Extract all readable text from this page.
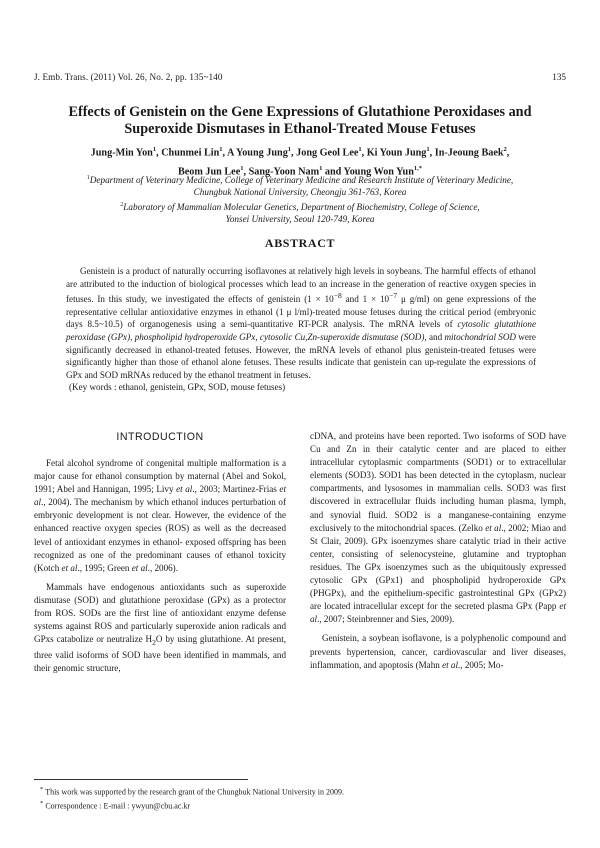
J. Emb. Trans. (2011) Vol. 26, No. 2, pp. 135~140	135
Effects of Genistein on the Gene Expressions of Glutathione Peroxidases and
Superoxide Dismutases in Ethanol-Treated Mouse Fetuses
Jung-Min Yon$^1$, Chunmei Lin$^1$, A Young Jung$^1$, Jong Geol Lee$^1$, Ki Youn Jung$^1$, In-Jeoung Baek$^2$,
Beom Jun Lee$^1$, Sang-Yoon Nam$^1$ and Young Won Yun$^{1,*}$
$^1$Department of Veterinary Medicine, College of Veterinary Medicine and Research Institute of Veterinary Medicine,
Chungbuk National University, Cheongju 361-763, Korea
$^2$Laboratory of Mammalian Molecular Genetics, Department of Biochemistry, College of Science,
Yonsei University, Seoul 120-749, Korea
ABSTRACT

Genistein is a product of naturally occurring isoflavones at relatively high levels in soybeans. The harmful effects of ethanol are attributed to the induction of biological processes which lead to an increase in the generation of reactive oxygen species in fetuses. In this study, we investigated the effects of genistein ($1 \times 10^{-8}$ and $1 \times 10^{-7}$ μ g/ml) on gene expressions of the representative cellular antioxidative enzymes in ethanol (1 μ l/ml)-treated mouse fetuses during the critical period (embryonic days 8.5~10.5) of organogenesis using a semi-quantitative RT-PCR analysis. The mRNA levels of cytosolic glutathione peroxidase (GPx), phospholipid hydroperoxide GPx, cytosolic Cu,Zn-superoxide dismutase (SOD), and mitochondrial SOD were significantly decreased in ethanol-treated fetuses. However, the mRNA levels of ethanol plus genistein-treated fetuses were significantly higher than those of ethanol alone fetuses. These results indicate that genistein can up-regulate the expressions of GPx and SOD mRNAs reduced by the ethanol treatment in fetuses.

(Key words : ethanol, genistein, GPx, SOD, mouse fetuses)

INTRODUCTION

Fetal alcohol syndrome of congenital multiple malformation is a major cause for ethanol consumption by maternal (Abel and Sokol, 1991; Abel and Hannigan, 1995; Livy et al., 2003; Martinez-Frias et al., 2004). The mechanism by which ethanol induces perturbation of embryonic development is not clear. However, the evidence of the enhanced reactive oxygen species (ROS) as well as the decreased level of antioxidant enzymes in ethanol- exposed offspring has been recognized as one of the predominant causes of ethanol toxicity (Kotch et al., 1995; Green et al., 2006).

Mammals have endogenous antioxidants such as superoxide dismutase (SOD) and glutathione peroxidase (GPx) as a protector from ROS. SODs are the first line of antioxidant enzyme defense systems against ROS and particularly superoxide anion radicals and GPxs catabolize or neutralize $H_2O$ by using glutathione. At present, three valid isoforms of SOD have been identified in mammals, and their genomic structure,

cDNA, and proteins have been reported. Two isoforms of SOD have Cu and Zn in their catalytic center and are placed to either intracellular cytoplasmic compartments (SOD1) or to extracellular elements (SOD3). SOD1 has been detected in the cytoplasm, nuclear compartments, and lysosomes in mammalian cells. SOD3 was first discovered in extracellular fluids including human plasma, lymph, and synovial fluid. SOD2 is a manganese-containing enzyme exclusively to the mitochondrial spaces. (Zelko et al., 2002; Miao and St Clair, 2009). GPx isoenzymes share catalytic triad in their active center, consisting of selenocysteine, glutamine and tryptophan residues. The GPx isoenzymes such as the ubiquitously expressed cytosolic GPx (GPx1) and phospholipid hydroperoxide GPx (PHGPx), and the epithelium-specific gastrointestinal GPx (GPx2) are located intracellular except for the secreted plasma GPx (Papp et al., 2007; Steinbrenner and Sies, 2009).

Genistein, a soybean isoflavone, is a polyphenolic compound and prevents hypertension, cancer, cardiovascular and liver diseases, inflammation, and apoptosis (Mahn et al., 2005; Mo-

* This work was supported by the research grant of the Chungbuk National University in 2009.
* Correspondence : E-mail : ywyun@cbu.ac.kr
